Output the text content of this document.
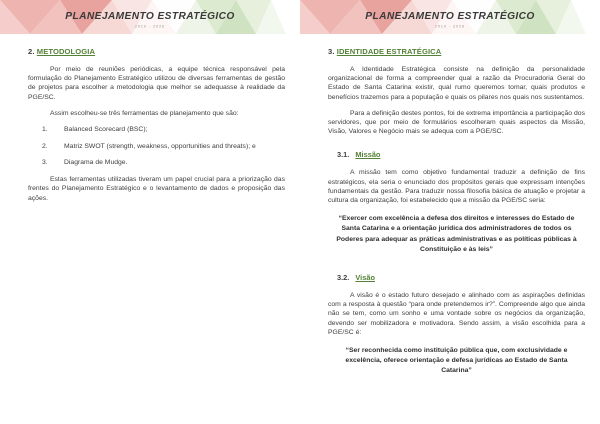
PLANEJAMENTO ESTRATÉGICO
2019 - 2026
2. METODOLOGIA

Por meio de reuniões periódicas, a equipe técnica responsável pela formulação do Planejamento Estratégico utilizou de diversas ferramentas de gestão de projetos para escolher a metodologia que melhor se adequasse à realidade da PGE/SC.

Assim escolheu-se três ferramentas de planejamento que são:

1.	Balanced Scorecard (BSC);
2.	Matriz SWOT (strength, weakness, opportunities and threats); e
3.	Diagrama de Mudge.

Estas ferramentas utilizadas tiveram um papel crucial para a priorização das frentes do Planejamento Estratégico e o levantamento de dados e proposição das ações.

PLANEJAMENTO ESTRATÉGICO
2019 - 2026
3. IDENTIDADE ESTRATÉGICA

A Identidade Estratégica consiste na definição da personalidade organizacional de forma a compreender qual a razão da Procuradoria Geral do Estado de Santa Catarina existir, qual rumo queremos tomar, quais produtos e benefícios trazemos para a população e quais os pilares nos quais nos sustentamos.

Para a definição destes pontos, foi de extrema importância a participação dos servidores, que por meio de formulários escolheram quais aspectos da Missão, Visão, Valores e Negócio mais se adequa com a PGE/SC.

3.1. Missão

A missão tem como objetivo fundamental traduzir a definição de fins estratégicos, ela seria o enunciado dos propósitos gerais que expressam intenções fundamentais da gestão. Para traduzir nossa filosofia básica de atuação e projetar a cultura da organização, foi estabelecido que a missão da PGE/SC seria:

“Exercer com excelência a defesa dos direitos e interesses do Estado de Santa Catarina e a orientação jurídica dos administradores de todos os Poderes para adequar as práticas administrativas e as políticas públicas à Constituição e às leis”

3.2. Visão

A visão é o estado futuro desejado e alinhado com as aspirações definidas com a resposta à questão “para onde pretendemos ir?”. Compreende algo que ainda não se tem, como um sonho e uma vontade sobre os negócios da organização, devendo ser mobilizadora e motivadora. Sendo assim, a visão escolhida para a PGE/SC é:

“Ser reconhecida como instituição pública que, com exclusividade e excelência, oferece orientação e defesa jurídicas ao Estado de Santa Catarina”
